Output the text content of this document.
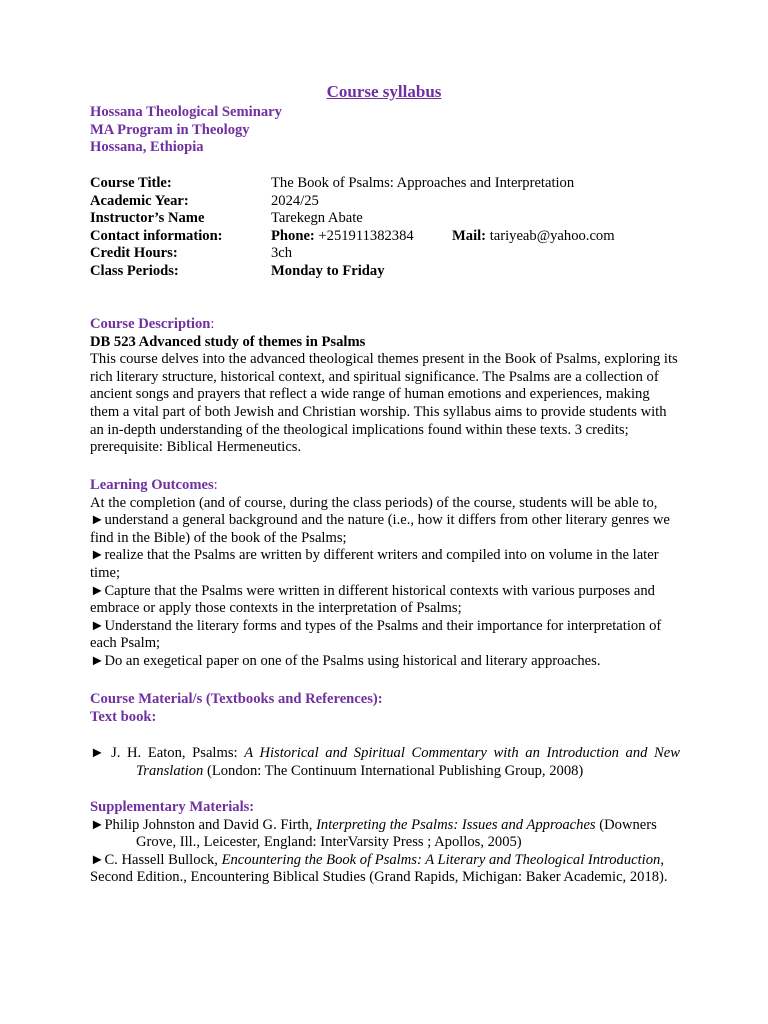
Course syllabus
Hossana Theological Seminary
MA Program in Theology
Hossana, Ethiopia
Course Title:	The Book of Psalms: Approaches and Interpretation
Academic Year:	2024/25
Instructor’s Name	Tarekegn Abate
Contact information:	Phone: +251911382384	Mail: tariyeab@yahoo.com
Credit Hours:	3ch
Class Periods:	Monday to Friday

Course Description:

DB 523 Advanced study of themes in Psalms

This course delves into the advanced theological themes present in the Book of Psalms, exploring its rich literary structure, historical context, and spiritual significance. The Psalms are a collection of ancient songs and prayers that reflect a wide range of human emotions and experiences, making them a vital part of both Jewish and Christian worship. This syllabus aims to provide students with an in-depth understanding of the theological implications found within these texts. 3 credits; prerequisite: Biblical Hermeneutics.

Learning Outcomes:

At the completion (and of course, during the class periods) of the course, students will be able to,

►understand a general background and the nature (i.e., how it differs from other literary genres we find in the Bible) of the book of the Psalms;

►realize that the Psalms are written by different writers and compiled into on volume in the later time;

►Capture that the Psalms were written in different historical contexts with various purposes and embrace or apply those contexts in the interpretation of Psalms;

►Understand the literary forms and types of the Psalms and their importance for interpretation of each Psalm;

►Do an exegetical paper on one of the Psalms using historical and literary approaches.

Course Material/s (Textbooks and References):

Text book:

► J. H. Eaton, Psalms: A Historical and Spiritual Commentary with an Introduction and New Translation (London: The Continuum International Publishing Group, 2008)

Supplementary Materials:

►Philip Johnston and David G. Firth, Interpreting the Psalms: Issues and Approaches (Downers Grove, Ill., Leicester, England: InterVarsity Press ; Apollos, 2005)

►C. Hassell Bullock, Encountering the Book of Psalms: A Literary and Theological Introduction, Second Edition., Encountering Biblical Studies (Grand Rapids, Michigan: Baker Academic, 2018).
